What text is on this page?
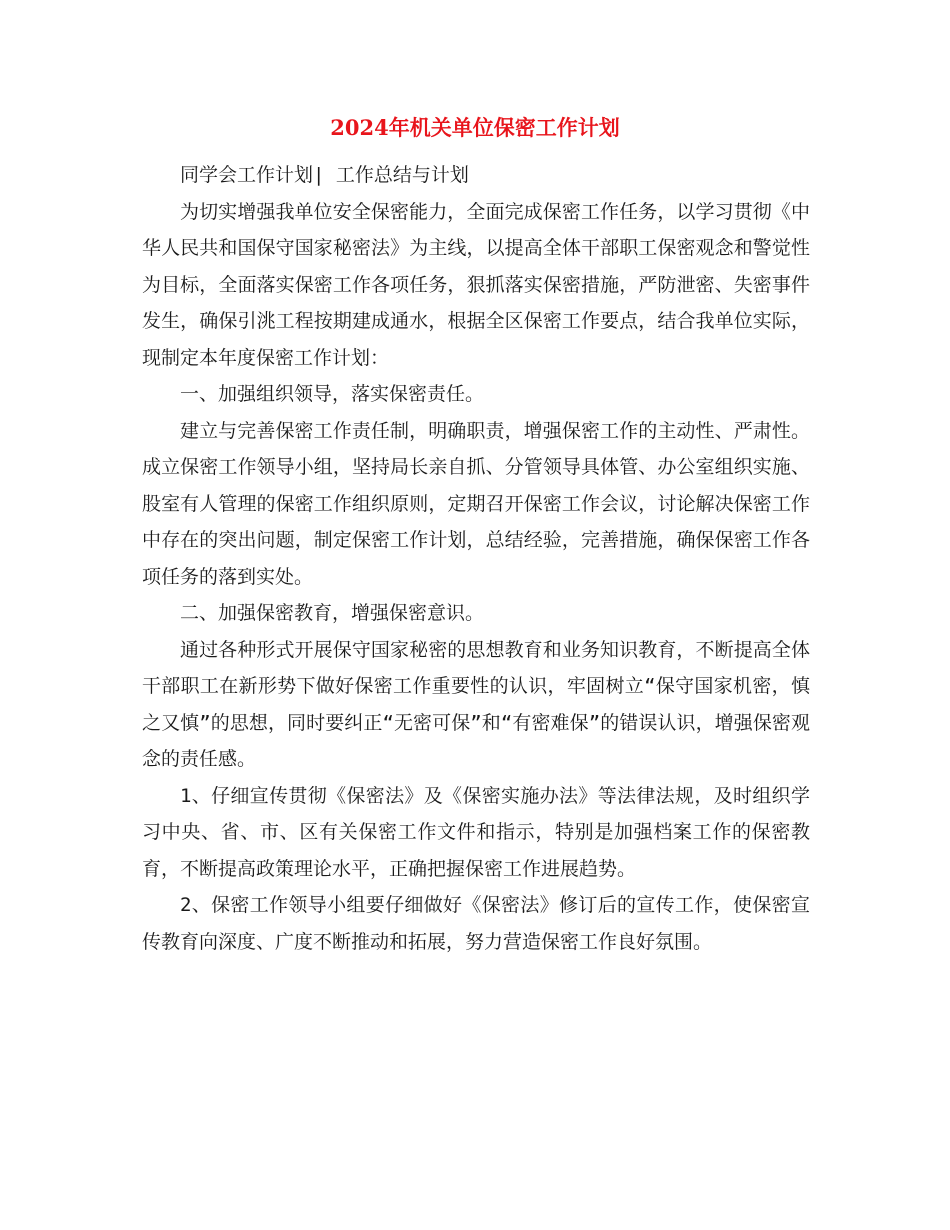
2024年机关单位保密工作计划

同学会工作计划| 工作总结与计划

为切实增强我单位安全保密能力，全面完成保密工作任务，以学习贯彻《中华人民共和国保守国家秘密法》为主线，以提高全体干部职工保密观念和警觉性为目标，全面落实保密工作各项任务，狠抓落实保密措施，严防泄密、失密事件发生，确保引洮工程按期建成通水，根据全区保密工作要点，结合我单位实际，现制定本年度保密工作计划：

一、加强组织领导，落实保密责任。

建立与完善保密工作责任制，明确职责，增强保密工作的主动性、严肃性。成立保密工作领导小组，坚持局长亲自抓、分管领导具体管、办公室组织实施、股室有人管理的保密工作组织原则，定期召开保密工作会议，讨论解决保密工作中存在的突出问题，制定保密工作计划，总结经验，完善措施，确保保密工作各项任务的落到实处。

二、加强保密教育，增强保密意识。

通过各种形式开展保守国家秘密的思想教育和业务知识教育，不断提高全体干部职工在新形势下做好保密工作重要性的认识，牢固树立“保守国家机密，慎之又慎”的思想，同时要纠正“无密可保”和“有密难保”的错误认识，增强保密观念的责任感。

1、仔细宣传贯彻《保密法》及《保密实施办法》等法律法规，及时组织学习中央、省、市、区有关保密工作文件和指示，特别是加强档案工作的保密教育，不断提高政策理论水平，正确把握保密工作进展趋势。

2、保密工作领导小组要仔细做好《保密法》修订后的宣传工作，使保密宣传教育向深度、广度不断推动和拓展，努力营造保密工作良好氛围。
